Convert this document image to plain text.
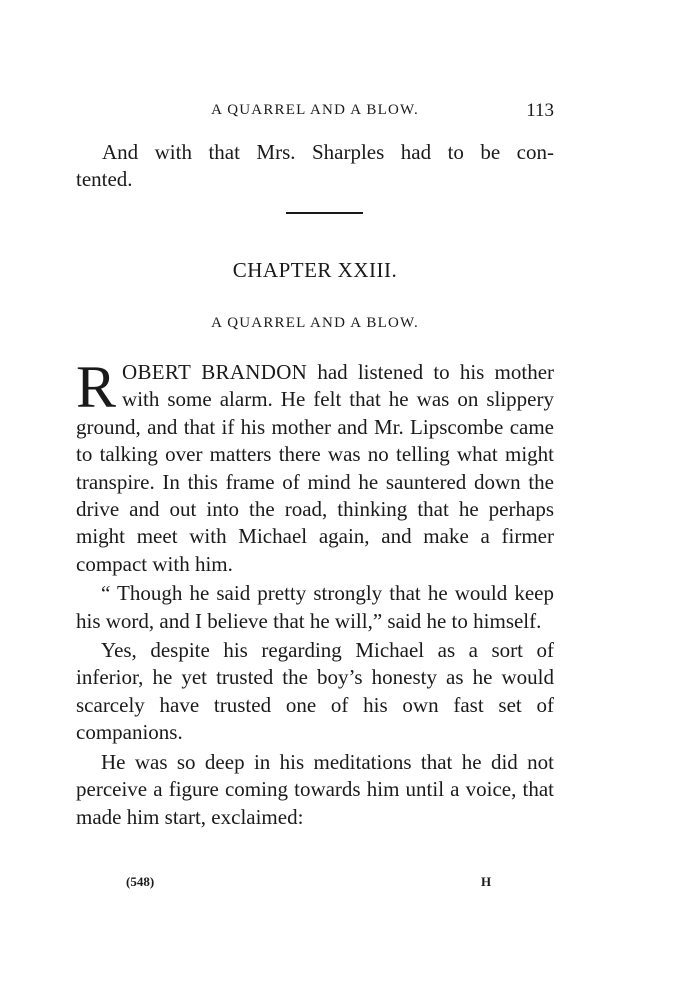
A QUARREL AND A BLOW.	113
And with that Mrs. Sharples had to be con-
tented.
CHAPTER XXIII.
A QUARREL AND A BLOW.

ROBERT BRANDON had listened to his mother with some alarm. He felt that he was on slippery ground, and that if his mother and Mr. Lipscombe came to talking over matters there was no telling what might transpire. In this frame of mind he sauntered down the drive and out into the road, thinking that he perhaps might meet with Michael again, and make a firmer compact with him.

“ Though he said pretty strongly that he would keep his word, and I believe that he will,” said he to himself.

Yes, despite his regarding Michael as a sort of inferior, he yet trusted the boy’s honesty as he would scarcely have trusted one of his own fast set of companions.

He was so deep in his meditations that he did not perceive a figure coming towards him until a voice, that made him start, exclaimed:

(548)	H
